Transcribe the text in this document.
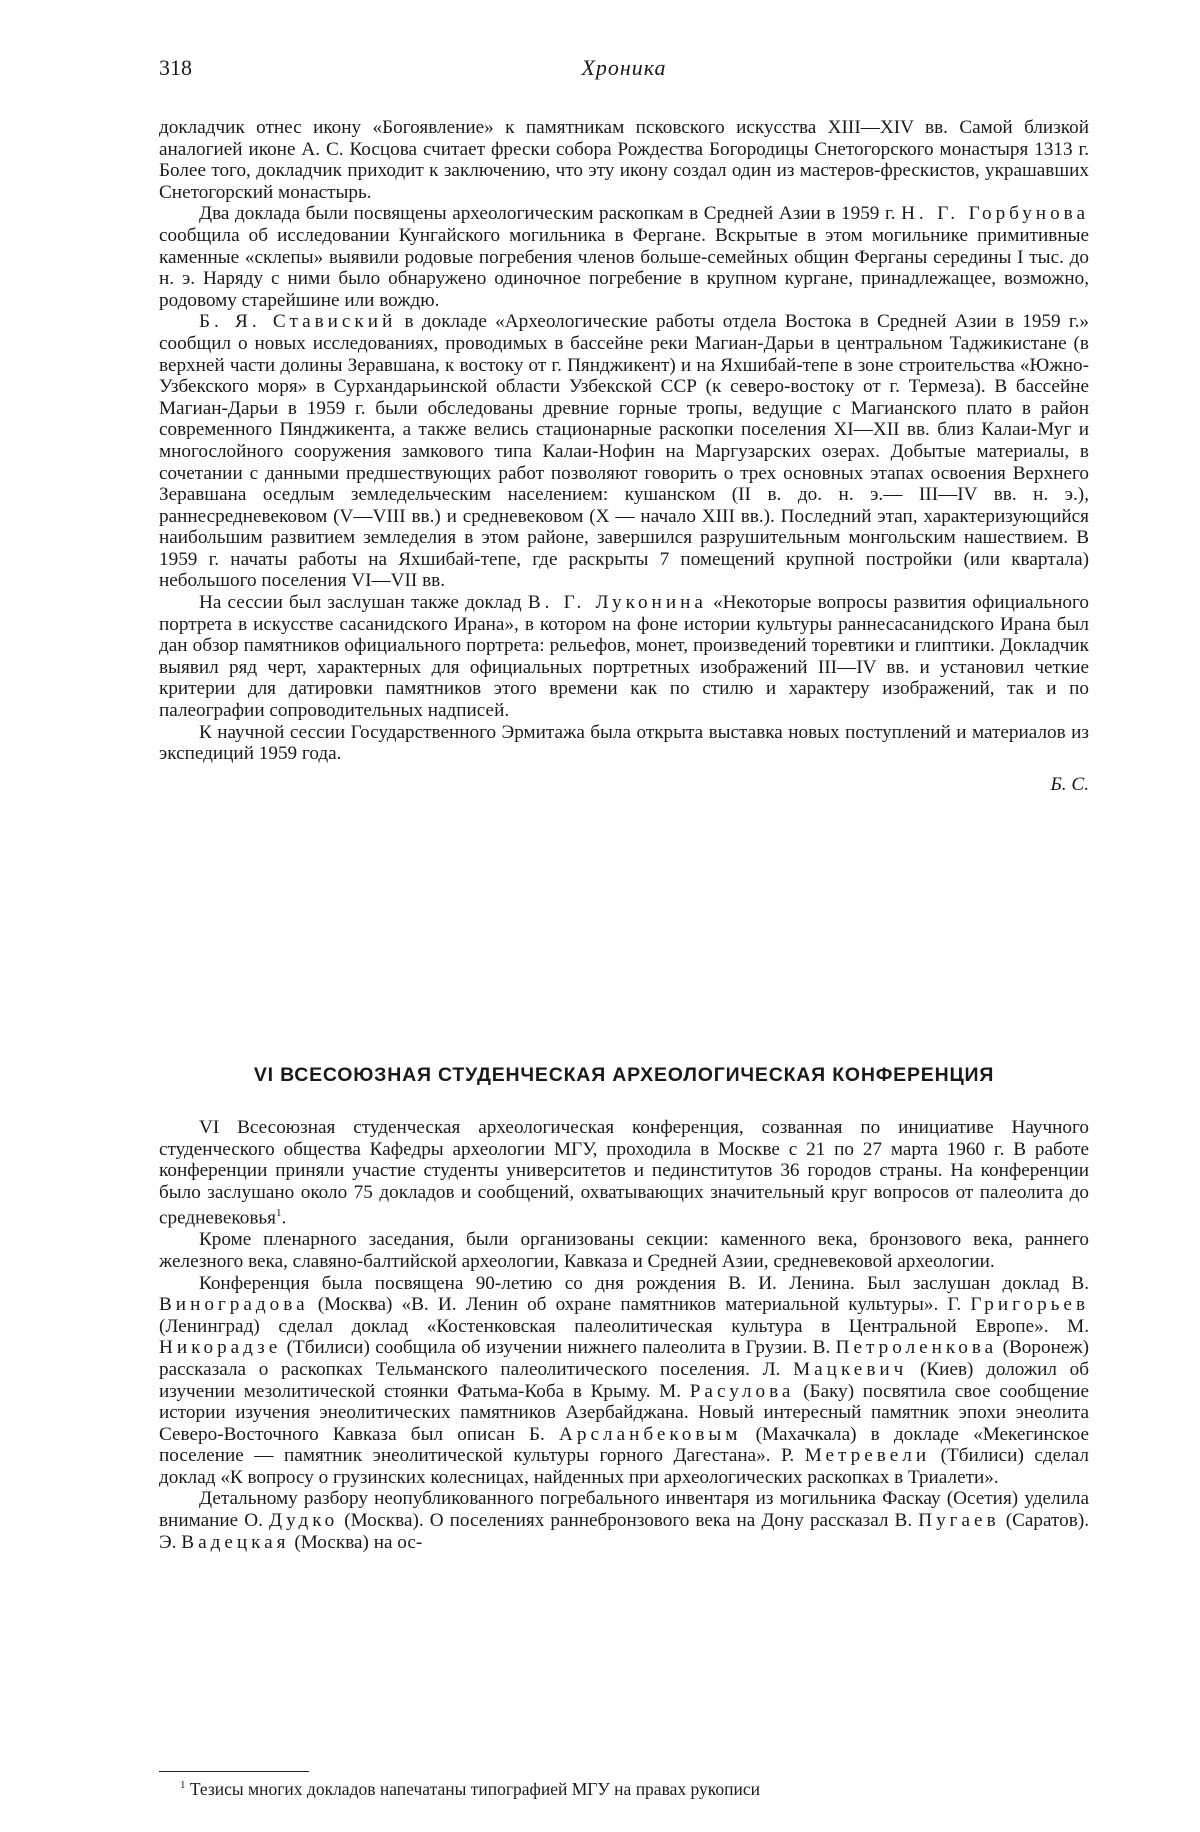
318	Хроника

докладчик отнес икону «Богоявление» к памятникам псковского искусства XIII—XIV вв. Самой близкой аналогией иконе А. С. Косцова считает фрески собора Рождества Богородицы Снетогорского монастыря 1313 г. Более того, докладчик приходит к заключению, что эту икону создал один из мастеров-фрескистов, украшавших Снетогорский монастырь.

Два доклада были посвящены археологическим раскопкам в Средней Азии в 1959 г. Н. Г. Горбунова сообщила об исследовании Кунгайского могильника в Фергане. Вскрытые в этом могильнике примитивные каменные «склепы» выявили родовые погребения членов больше-семейных общин Ферганы середины I тыс. до н. э. Наряду с ними было обнаружено одиночное погребение в крупном кургане, принадлежащее, возможно, родовому старейшине или вождю.

Б. Я. Ставиский в докладе «Археологические работы отдела Востока в Средней Азии в 1959 г.» сообщил о новых исследованиях, проводимых в бассейне реки Магиан-Дарьи в центральном Таджикистане (в верхней части долины Зеравшана, к востоку от г. Пянджикент) и на Яхшибай-тепе в зоне строительства «Южно-Узбекского моря» в Сурхандарьинской области Узбекской ССР (к северо-востоку от г. Термеза). В бассейне Магиан-Дарьи в 1959 г. были обследованы древние горные тропы, ведущие с Магианского плато в район современного Пянджикента, а также велись стационарные раскопки поселения XI—XII вв. близ Калаи-Муг и многослойного сооружения замкового типа Калаи-Нофин на Маргузарских озерах. Добытые материалы, в сочетании с данными предшествующих работ позволяют говорить о трех основных этапах освоения Верхнего Зеравшана оседлым земледельческим населением: кушанском (II в. до. н. э.— III—IV вв. н. э.), раннесредневековом (V—VIII вв.) и средневековом (X — начало XIII вв.). Последний этап, характеризующийся наибольшим развитием земледелия в этом районе, завершился разрушительным монгольским нашествием. В 1959 г. начаты работы на Яхшибай-тепе, где раскрыты 7 помещений крупной постройки (или квартала) небольшого поселения VI—VII вв.

На сессии был заслушан также доклад В. Г. Луконина «Некоторые вопросы развития официального портрета в искусстве сасанидского Ирана», в котором на фоне истории культуры раннесасанидского Ирана был дан обзор памятников официального портрета: рельефов, монет, произведений торевтики и глиптики. Докладчик выявил ряд черт, характерных для официальных портретных изображений III—IV вв. и установил четкие критерии для датировки памятников этого времени как по стилю и характеру изображений, так и по палеографии сопроводительных надписей.

К научной сессии Государственного Эрмитажа была открыта выставка новых поступлений и материалов из экспедиций 1959 года.

Б. С.
VI ВСЕСОЮЗНАЯ СТУДЕНЧЕСКАЯ АРХЕОЛОГИЧЕСКАЯ КОНФЕРЕНЦИЯ

VI Всесоюзная студенческая археологическая конференция, созванная по инициативе Научного студенческого общества Кафедры археологии МГУ, проходила в Москве с 21 по 27 марта 1960 г. В работе конференции приняли участие студенты университетов и пединститутов 36 городов страны. На конференции было заслушано около 75 докладов и сообщений, охватывающих значительный круг вопросов от палеолита до средневековья$^1$.

Кроме пленарного заседания, были организованы секции: каменного века, бронзового века, раннего железного века, славяно-балтийской археологии, Кавказа и Средней Азии, средневековой археологии.

Конференция была посвящена 90-летию со дня рождения В. И. Ленина. Был заслушан доклад В. Виноградова (Москва) «В. И. Ленин об охране памятников материальной культуры». Г. Григорьев (Ленинград) сделал доклад «Костенковская палеолитическая культура в Центральной Европе». М. Никорадзе (Тбилиси) сообщила об изучении нижнего палеолита в Грузии. В. Петроленкова (Воронеж) рассказала о раскопках Тельманского палеолитического поселения. Л. Мацкевич (Киев) доложил об изучении мезолитической стоянки Фатьма-Коба в Крыму. М. Расулова (Баку) посвятила свое сообщение истории изучения энеолитических памятников Азербайджана. Новый интересный памятник эпохи энеолита Северо-Восточного Кавказа был описан Б. Арсланбековым (Махачкала) в докладе «Мекегинское поселение — памятник энеолитической культуры горного Дагестана». Р. Метревели (Тбилиси) сделал доклад «К вопросу о грузинских колесницах, найденных при археологических раскопках в Триалети».

Детальному разбору неопубликованного погребального инвентаря из могильника Фаскау (Осетия) уделила внимание О. Дудко (Москва). О поселениях раннебронзового века на Дону рассказал В. Пугаев (Саратов). Э. Вадецкая (Москва) на ос-

$^1$ Тезисы многих докладов напечатаны типографией МГУ на правах рукописи
